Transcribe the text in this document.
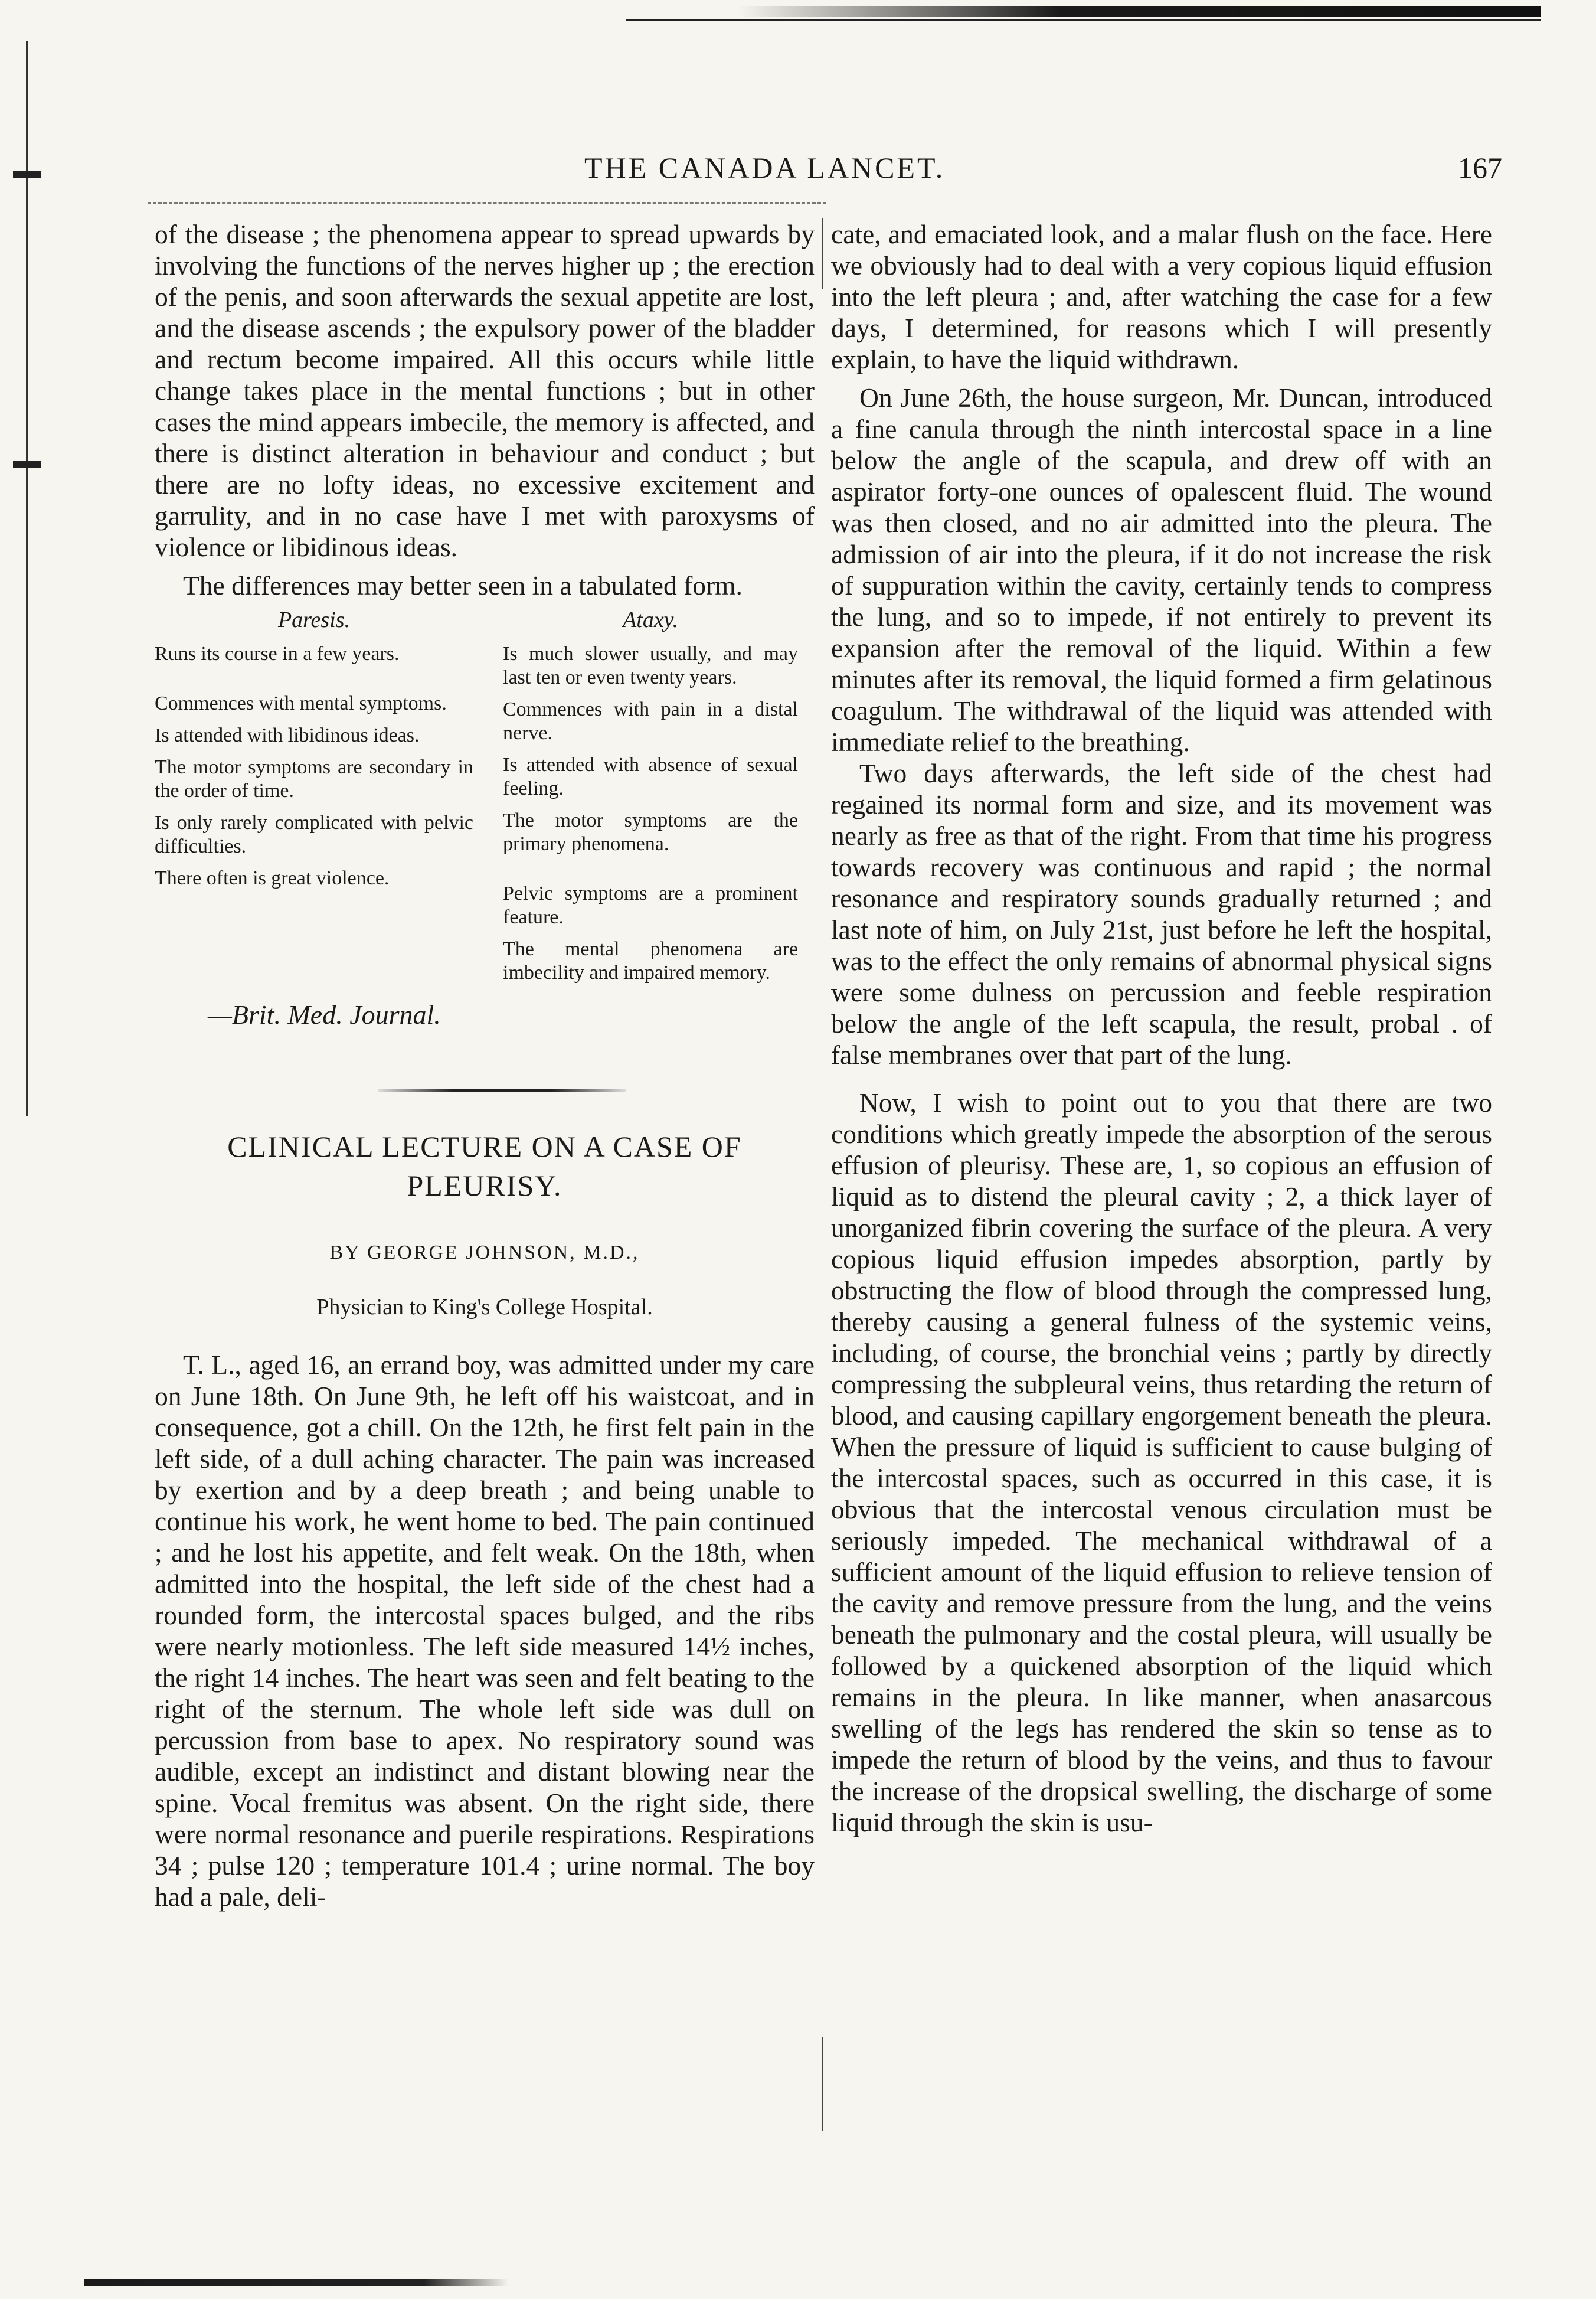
THE CANADA LANCET.	167

of the disease ; the phenomena appear to spread upwards by involving the functions of the nerves higher up ; the erection of the penis, and soon afterwards the sexual appetite are lost, and the disease ascends ; the expulsory power of the bladder and rectum become impaired. All this occurs while little change takes place in the mental functions ; but in other cases the mind appears imbecile, the memory is affected, and there is distinct alteration in behaviour and conduct ; but there are no lofty ideas, no excessive excitement and garrulity, and in no case have I met with paroxysms of violence or libidinous ideas.

The differences may better seen in a tabulated form.

Paresis.
Runs its course in a few years.
Commences with mental symptoms.
Is attended with libidinous ideas.
The motor symptoms are secondary in the order of time.
Is only rarely complicated with pelvic difficulties.
There often is great violence.
Ataxy.
Is much slower usually, and may last ten or even twenty years.
Commences with pain in a distal nerve.
Is attended with absence of sexual feeling.
The motor symptoms are the primary phenomena.
Pelvic symptoms are a prominent feature.
The mental phenomena are imbecility and impaired memory.

—Brit. Med. Journal.

CLINICAL LECTURE ON A CASE OF PLEURISY.
BY GEORGE JOHNSON, M.D.,
Physician to King's College Hospital.

T. L., aged 16, an errand boy, was admitted under my care on June 18th. On June 9th, he left off his waistcoat, and in consequence, got a chill. On the 12th, he first felt pain in the left side, of a dull aching character. The pain was increased by exertion and by a deep breath ; and being unable to continue his work, he went home to bed. The pain continued ; and he lost his appetite, and felt weak. On the 18th, when admitted into the hospital, the left side of the chest had a rounded form, the intercostal spaces bulged, and the ribs were nearly motionless. The left side measured 14½ inches, the right 14 inches. The heart was seen and felt beating to the right of the sternum. The whole left side was dull on percussion from base to apex. No respiratory sound was audible, except an indistinct and distant blowing near the spine. Vocal fremitus was absent. On the right side, there were normal resonance and puerile respirations. Respirations 34 ; pulse 120 ; temperature 101.4 ; urine normal. The boy had a pale, deli-

cate, and emaciated look, and a malar flush on the face. Here we obviously had to deal with a very copious liquid effusion into the left pleura ; and, after watching the case for a few days, I determined, for reasons which I will presently explain, to have the liquid withdrawn.

On June 26th, the house surgeon, Mr. Duncan, introduced a fine canula through the ninth intercostal space in a line below the angle of the scapula, and drew off with an aspirator forty-one ounces of opalescent fluid. The wound was then closed, and no air admitted into the pleura. The admission of air into the pleura, if it do not increase the risk of suppuration within the cavity, certainly tends to compress the lung, and so to impede, if not entirely to prevent its expansion after the removal of the liquid. Within a few minutes after its removal, the liquid formed a firm gelatinous coagulum. The withdrawal of the liquid was attended with immediate relief to the breathing.

Two days afterwards, the left side of the chest had regained its normal form and size, and its movement was nearly as free as that of the right. From that time his progress towards recovery was continuous and rapid ; the normal resonance and respiratory sounds gradually returned ; and last note of him, on July 21st, just before he left the hospital, was to the effect the only remains of abnormal physical signs were some dulness on percussion and feeble respiration below the angle of the left scapula, the result, probal . of false membranes over that part of the lung.

Now, I wish to point out to you that there are two conditions which greatly impede the absorption of the serous effusion of pleurisy. These are, 1, so copious an effusion of liquid as to distend the pleural cavity ; 2, a thick layer of unorganized fibrin covering the surface of the pleura. A very copious liquid effusion impedes absorption, partly by obstructing the flow of blood through the compressed lung, thereby causing a general fulness of the systemic veins, including, of course, the bronchial veins ; partly by directly compressing the subpleural veins, thus retarding the return of blood, and causing capillary engorgement beneath the pleura. When the pressure of liquid is sufficient to cause bulging of the intercostal spaces, such as occurred in this case, it is obvious that the intercostal venous circulation must be seriously impeded. The mechanical withdrawal of a sufficient amount of the liquid effusion to relieve tension of the cavity and remove pressure from the lung, and the veins beneath the pulmonary and the costal pleura, will usually be followed by a quickened absorption of the liquid which remains in the pleura. In like manner, when anasarcous swelling of the legs has rendered the skin so tense as to impede the return of blood by the veins, and thus to favour the increase of the dropsical swelling, the discharge of some liquid through the skin is usu-
